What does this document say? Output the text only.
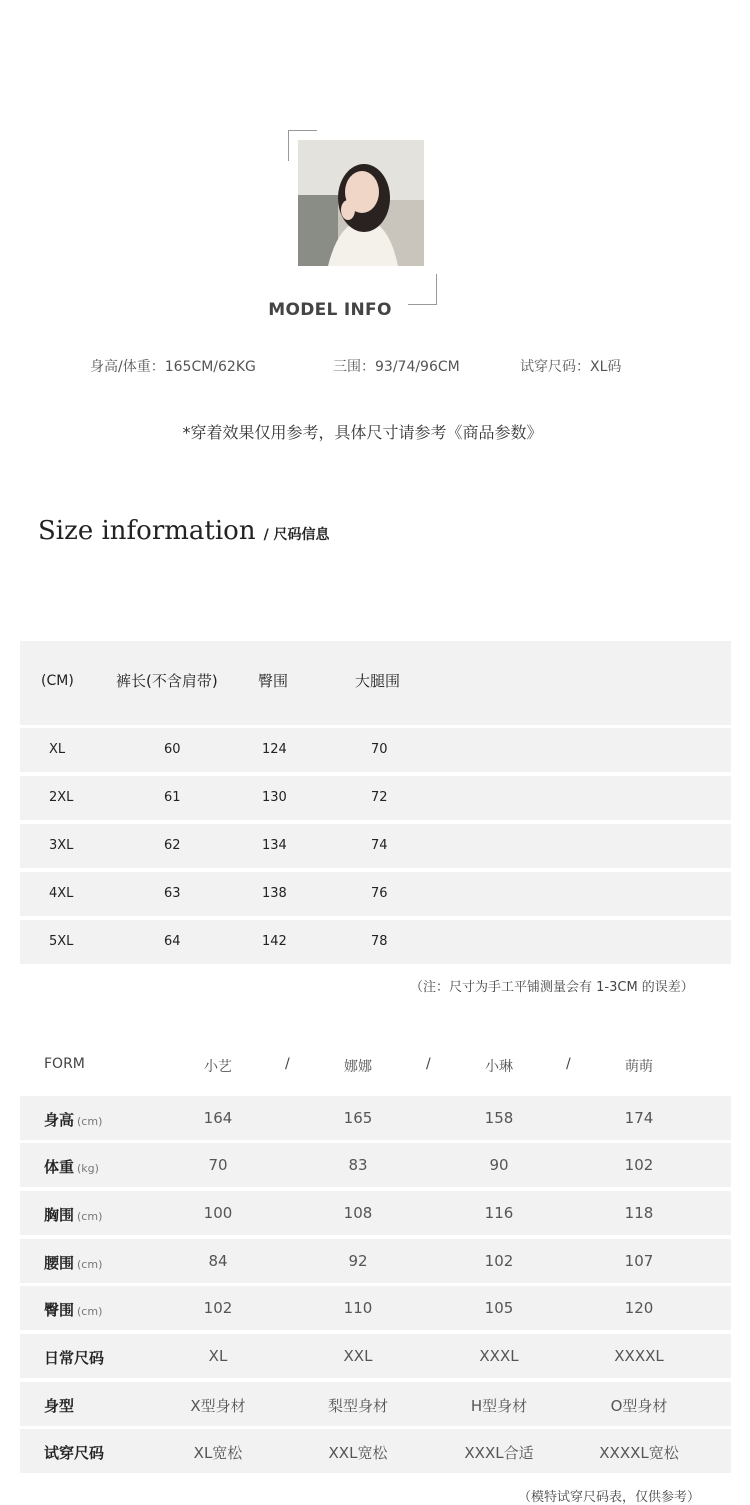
MODEL INFO
身高/体重：165CM/62KG	三围：93/74/96CM	试穿尺码：XL码
*穿着效果仅用参考，具体尺寸请参考《商品参数》
Size information / 尺码信息
(CM)	裤长(不含肩带)	臀围	大腿围
XL	60	124	70
2XL	61	130	72
3XL	62	134	74
4XL	63	138	76
5XL	64	142	78
（注：尺寸为手工平铺测量会有 1-3CM 的误差）
FORM	小艺	/	娜娜	/	小琳	/	萌萌
身高 (cm)	164	165	158	174
体重 (kg)	70	83	90	102
胸围 (cm)	100	108	116	118
腰围 (cm)	84	92	102	107
臀围 (cm)	102	110	105	120
日常尺码	XL	XXL	XXXL	XXXXL
身型	X型身材	梨型身材	H型身材	O型身材
试穿尺码	XL宽松	XXL宽松	XXXL合适	XXXXL宽松
（模特试穿尺码表，仅供参考）
